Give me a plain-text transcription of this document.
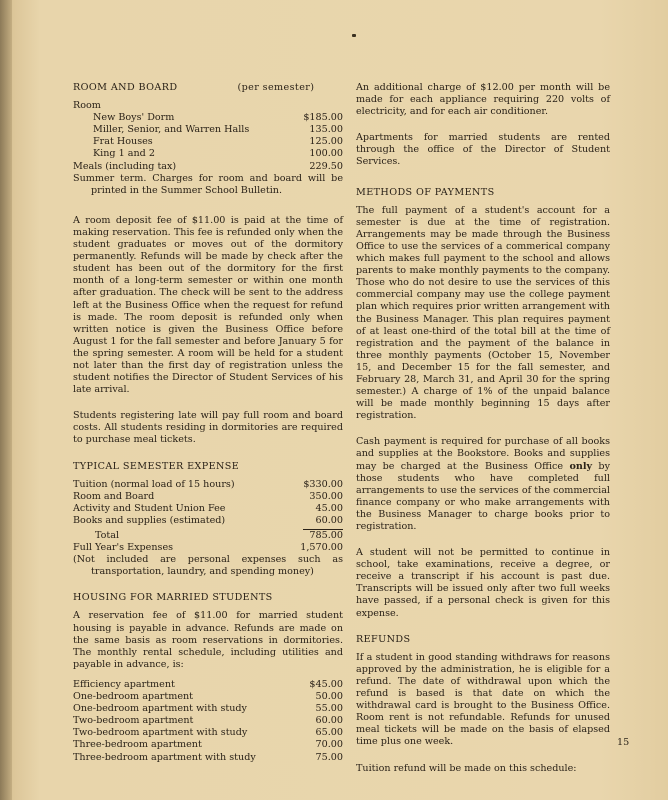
ROOM AND BOARD	(per semester)
Room
New Boys' Dorm	$185.00
Miller, Senior, and Warren Halls	135.00
Frat Houses	125.00
King 1 and 2	100.00
Meals (including tax)	229.50

Summer term. Charges for room and board will be printed in the Summer School Bulletin.

A room deposit fee of $11.00 is paid at the time of making reservation. This fee is refunded only when the student graduates or moves out of the dormitory permanently. Refunds will be made by check after the student has been out of the dormitory for the first month of a long-term semester or within one month after graduation. The check will be sent to the address left at the Business Office when the request for refund is made. The room deposit is refunded only when written notice is given the Business Office before August 1 for the fall semester and before January 5 for the spring semester. A room will be held for a student not later than the first day of registration unless the student notifies the Director of Student Services of his late arrival.

Students registering late will pay full room and board costs. All students residing in dormitories are required to purchase meal tickets.

TYPICAL SEMESTER EXPENSE
Tuition (normal load of 15 hours)	$330.00
Room and Board	350.00
Activity and Student Union Fee	45.00
Books and supplies (estimated)	60.00
Total	785.00
Full Year's Expenses	1,570.00

(Not included are personal expenses such as transportation, laundry, and spending money)

HOUSING FOR MARRIED STUDENTS

A reservation fee of $11.00 for married student housing is payable in advance. Refunds are made on the same basis as room reservations in dormitories. The monthly rental schedule, including utilities and payable in advance, is:

Efficiency apartment	$45.00
One-bedroom apartment	50.00
One-bedroom apartment with study	55.00
Two-bedroom apartment	60.00
Two-bedroom apartment with study	65.00
Three-bedroom apartment	70.00
Three-bedroom apartment with study	75.00

An additional charge of $12.00 per month will be made for each appliance requiring 220 volts of electricity, and for each air conditioner.

Apartments for married students are rented through the office of the Director of Student Services.

METHODS OF PAYMENTS

The full payment of a student's account for a semester is due at the time of registration. Arrangements may be made through the Business Office to use the services of a commerical company which makes full payment to the school and allows parents to make monthly payments to the company. Those who do not desire to use the services of this commercial company may use the college payment plan which requires prior written arrangement with the Business Manager. This plan requires payment of at least one-third of the total bill at the time of registration and the payment of the balance in three monthly payments (October 15, November 15, and December 15 for the fall semester, and February 28, March 31, and April 30 for the spring semester.) A charge of 1% of the unpaid balance will be made monthly beginning 15 days after registration.

Cash payment is required for purchase of all books and supplies at the Bookstore. Books and supplies may be charged at the Business Office only by those students who have completed full arrangements to use the services of the commercial finance company or who make arrangements with the Business Manager to charge books prior to registration.

A student will not be permitted to continue in school, take examinations, receive a degree, or receive a transcript if his account is past due. Transcripts will be issued only after two full weeks have passed, if a personal check is given for this expense.

REFUNDS

If a student in good standing withdraws for reasons approved by the administration, he is eligible for a refund. The date of withdrawal upon which the refund is based is that date on which the withdrawal card is brought to the Business Office. Room rent is not refundable. Refunds for unused meal tickets will be made on the basis of elapsed time plus one week.

Tuition refund will be made on this schedule:
15
